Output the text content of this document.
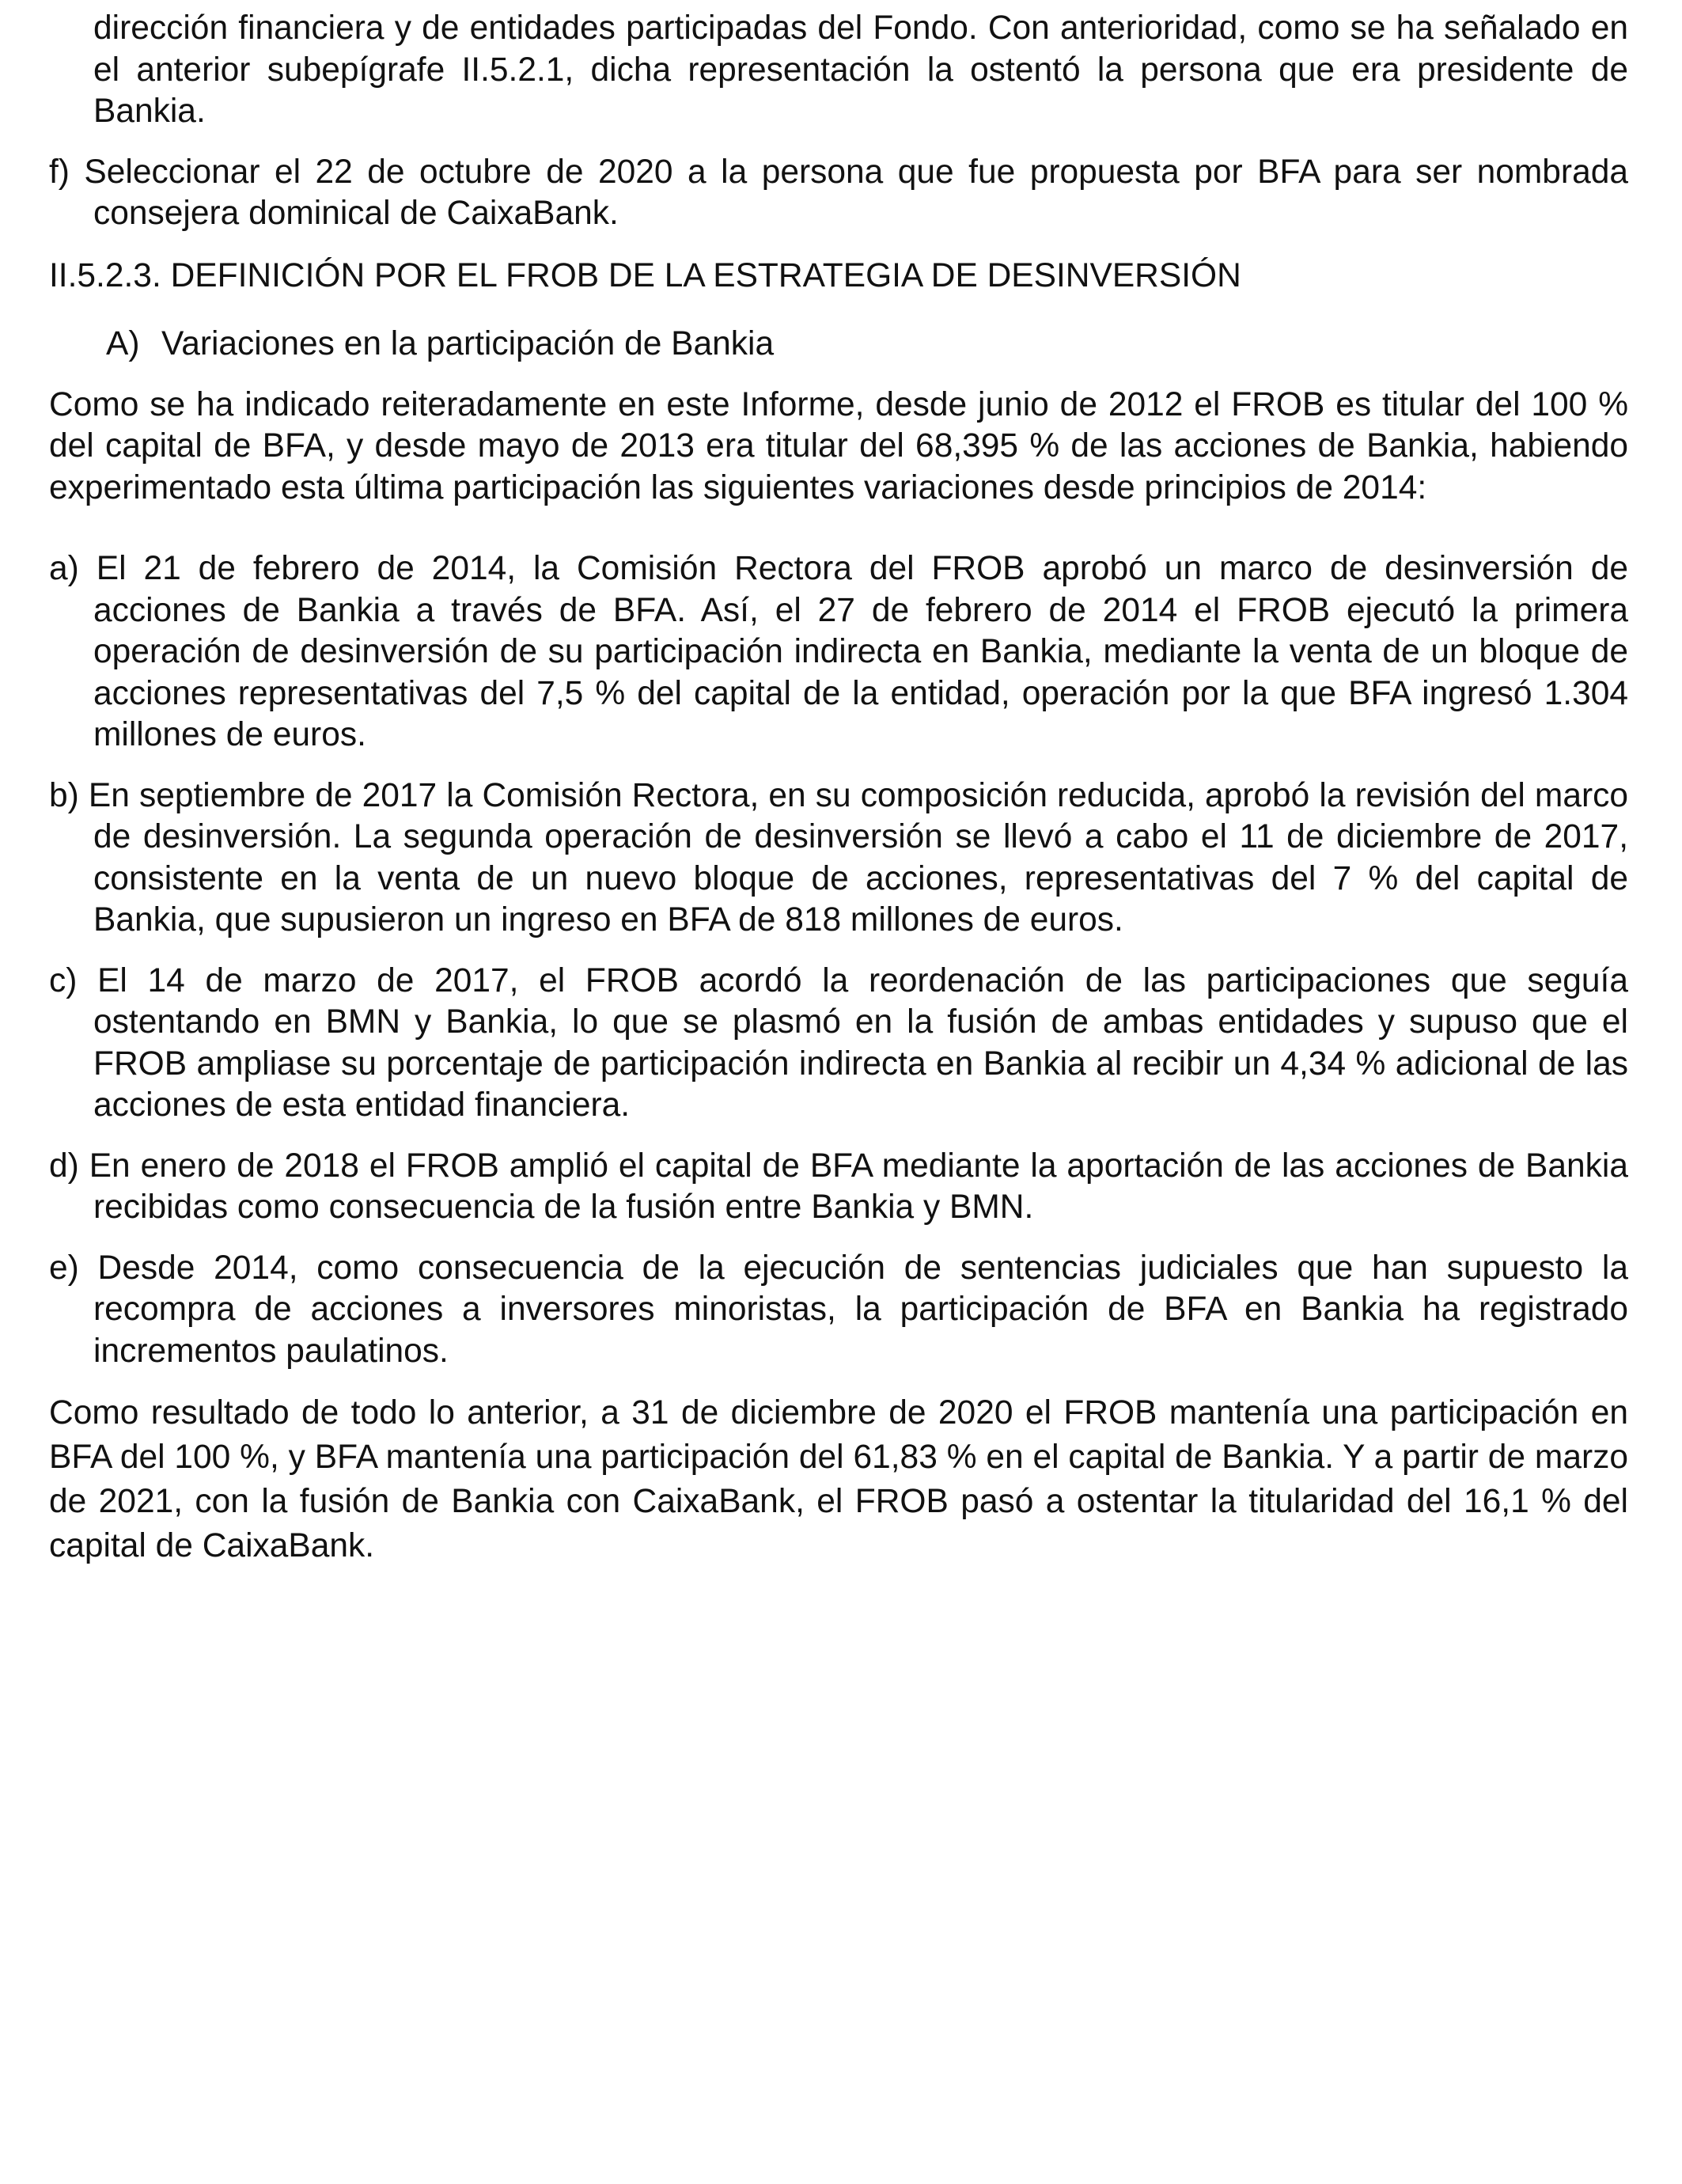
dirección financiera y de entidades participadas del Fondo. Con anterioridad, como se ha señalado en el anterior subepígrafe II.5.2.1, dicha representación la ostentó la persona que era presidente de Bankia.

f) Seleccionar el 22 de octubre de 2020 a la persona que fue propuesta por BFA para ser nombrada consejera dominical de CaixaBank.

II.5.2.3. DEFINICIÓN POR EL FROB DE LA ESTRATEGIA DE DESINVERSIÓN

A) Variaciones en la participación de Bankia

Como se ha indicado reiteradamente en este Informe, desde junio de 2012 el FROB es titular del 100 % del capital de BFA, y desde mayo de 2013 era titular del 68,395 % de las acciones de Bankia, habiendo experimentado esta última participación las siguientes variaciones desde principios de 2014:

a) El 21 de febrero de 2014, la Comisión Rectora del FROB aprobó un marco de desinversión de acciones de Bankia a través de BFA. Así, el 27 de febrero de 2014 el FROB ejecutó la primera operación de desinversión de su participación indirecta en Bankia, mediante la venta de un bloque de acciones representativas del 7,5 % del capital de la entidad, operación por la que BFA ingresó 1.304 millones de euros.

b) En septiembre de 2017 la Comisión Rectora, en su composición reducida, aprobó la revisión del marco de desinversión. La segunda operación de desinversión se llevó a cabo el 11 de diciembre de 2017, consistente en la venta de un nuevo bloque de acciones, representativas del 7 % del capital de Bankia, que supusieron un ingreso en BFA de 818 millones de euros.

c) El 14 de marzo de 2017, el FROB acordó la reordenación de las participaciones que seguía ostentando en BMN y Bankia, lo que se plasmó en la fusión de ambas entidades y supuso que el FROB ampliase su porcentaje de participación indirecta en Bankia al recibir un 4,34 % adicional de las acciones de esta entidad financiera.

d) En enero de 2018 el FROB amplió el capital de BFA mediante la aportación de las acciones de Bankia recibidas como consecuencia de la fusión entre Bankia y BMN.

e) Desde 2014, como consecuencia de la ejecución de sentencias judiciales que han supuesto la recompra de acciones a inversores minoristas, la participación de BFA en Bankia ha registrado incrementos paulatinos.

Como resultado de todo lo anterior, a 31 de diciembre de 2020 el FROB mantenía una participación en BFA del 100 %, y BFA mantenía una participación del 61,83 % en el capital de Bankia. Y a partir de marzo de 2021, con la fusión de Bankia con CaixaBank, el FROB pasó a ostentar la titularidad del 16,1 % del capital de CaixaBank.
